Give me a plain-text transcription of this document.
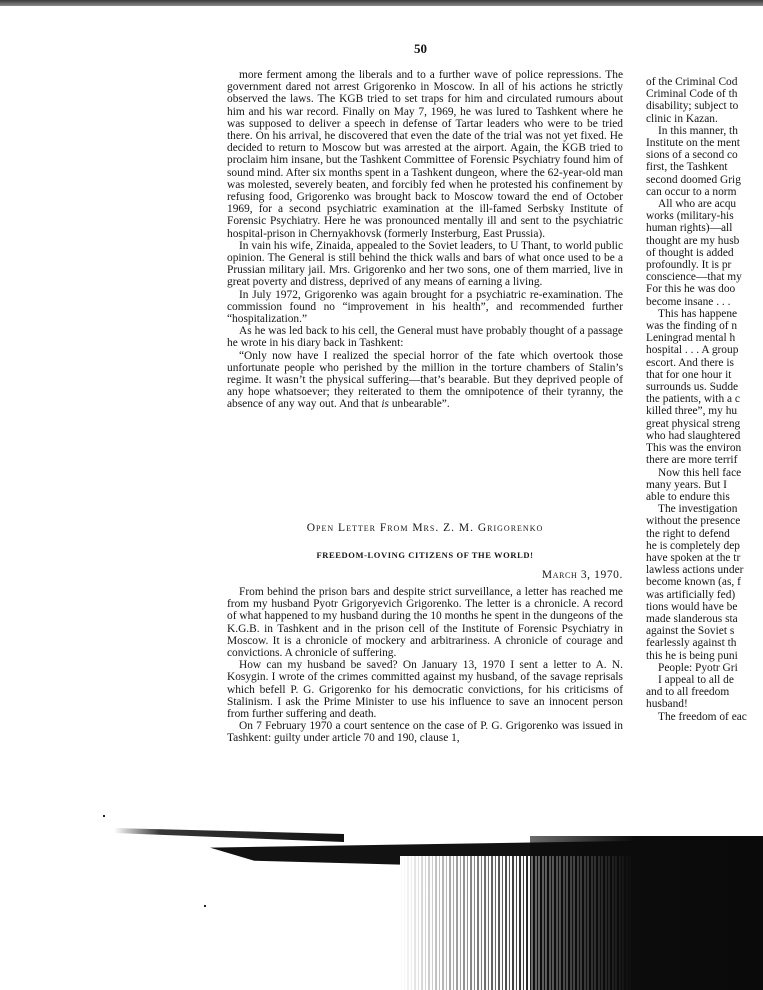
50

more ferment among the liberals and to a further wave of police repressions. The government dared not arrest Grigorenko in Moscow. In all of his actions he strictly observed the laws. The KGB tried to set traps for him and circulated rumours about him and his war record. Finally on May 7, 1969, he was lured to Tashkent where he was supposed to deliver a speech in defense of Tartar leaders who were to be tried there. On his arrival, he discovered that even the date of the trial was not yet fixed. He decided to return to Moscow but was arrested at the airport. Again, the KGB tried to proclaim him insane, but the Tashkent Committee of Forensic Psychiatry found him of sound mind. After six months spent in a Tashkent dungeon, where the 62-year-old man was molested, severely beaten, and forcibly fed when he protested his confinement by refusing food, Grigorenko was brought back to Moscow toward the end of October 1969, for a second psychiatric examination at the ill-famed Serbsky Institute of Forensic Psychiatry. Here he was pronounced mentally ill and sent to the psychiatric hospital-prison in Chernyakhovsk (formerly Insterburg, East Prussia).

In vain his wife, Zinaida, appealed to the Soviet leaders, to U Thant, to world public opinion. The General is still behind the thick walls and bars of what once used to be a Prussian military jail. Mrs. Grigorenko and her two sons, one of them married, live in great poverty and distress, deprived of any means of earning a living.

In July 1972, Grigorenko was again brought for a psychiatric re-examination. The commission found no “improvement in his health”, and recommended further “hospitalization.”

As he was led back to his cell, the General must have probably thought of a passage he wrote in his diary back in Tashkent:

“Only now have I realized the special horror of the fate which overtook those unfortunate people who perished by the million in the torture chambers of Stalin’s regime. It wasn’t the physical suffering—that’s bearable. But they deprived people of any hope whatsoever; they reiterated to them the omnipotence of their tyranny, the absence of any way out. And that is unbearable”.

Open Letter From Mrs. Z. M. Grigorenko
FREEDOM-LOVING CITIZENS OF THE WORLD!
March 3, 1970.

From behind the prison bars and despite strict surveillance, a letter has reached me from my husband Pyotr Grigoryevich Grigorenko. The letter is a chronicle. A record of what happened to my husband during the 10 months he spent in the dungeons of the K.G.B. in Tashkent and in the prison cell of the Institute of Forensic Psychiatry in Moscow. It is a chronicle of mockery and arbitrariness. A chronicle of courage and convictions. A chronicle of suffering.

How can my husband be saved? On January 13, 1970 I sent a letter to A. N. Kosygin. I wrote of the crimes committed against my husband, of the savage reprisals which befell P. G. Grigorenko for his democratic convictions, for his criticisms of Stalinism. I ask the Prime Minister to use his influence to save an innocent person from further suffering and death.

On 7 February 1970 a court sentence on the case of P. G. Grigorenko was issued in Tashkent: guilty under article 70 and 190, clause 1,

of the Criminal Cod

Criminal Code of th

disability; subject to

clinic in Kazan.

In this manner, th

Institute on the ment

sions of a second co

first, the Tashkent

second doomed Grig

can occur to a norm

All who are acqu

works (military-his

human rights)—all

thought are my husb

of thought is added

profoundly. It is pr

conscience—that my

For this he was doo

become insane . . .

This has happene

was the finding of n

Leningrad mental h

hospital . . . A group

escort. And there is

that for one hour it

surrounds us. Sudde

the patients, with a c

killed three”, my hu

great physical streng

who had slaughtered

This was the environ

there are more terrif

Now this hell face

many years. But I

able to endure this

The investigation

without the presence

the right to defend

he is completely dep

have spoken at the tr

lawless actions under

become known (as, f

was artificially fed)

tions would have be

made slanderous sta

against the Soviet s

fearlessly against th

this he is being puni

People: Pyotr Gri

I appeal to all de

and to all freedom

husband!

The freedom of eac
